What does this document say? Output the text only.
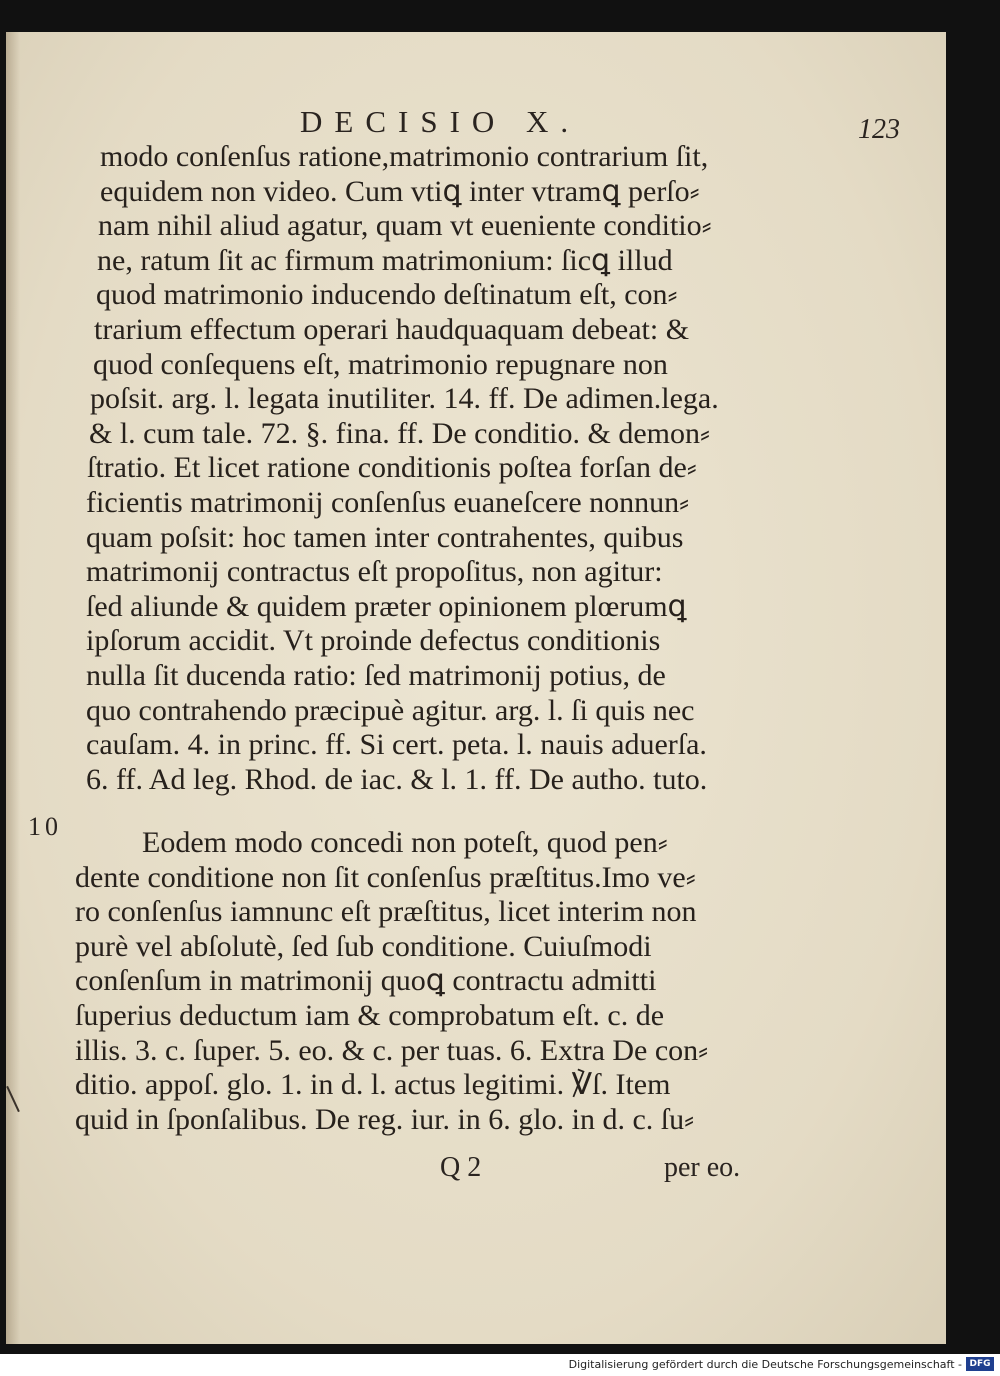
DECISIO X.	123
modo conſenſus ratione,matrimonio contrarium ſit,
equidem non video. Cum vtiꝗ inter vtramꝗ perſo⸗
nam nihil aliud agatur, quam vt eueniente conditio⸗
ne, ratum ſit ac firmum matrimonium: ſicꝗ illud
quod matrimonio inducendo deſtinatum eſt, con⸗
trarium effectum operari haudquaquam debeat: &
quod conſequens eſt, matrimonio repugnare non
poſsit. arg. l. legata inutiliter. 14. ff. De adimen.lega.
& l. cum tale. 72. §. fina. ff. De conditio. & demon⸗
ſtratio. Et licet ratione conditionis poſtea forſan de⸗
ficientis matrimonij conſenſus euaneſcere nonnun⸗
quam poſsit: hoc tamen inter contrahentes, quibus
matrimonij contractus eſt propoſitus, non agitur:
ſed aliunde & quidem præter opinionem plœrumꝗ
ipſorum accidit. Vt proinde defectus conditionis
nulla ſit ducenda ratio: ſed matrimonij potius, de
quo contrahendo præcipuè agitur. arg. l. ſi quis nec
cauſam. 4. in princ. ff. Si cert. peta. l. nauis aduerſa.
6. ff. Ad leg. Rhod. de iac. & l. 1. ff. De autho. tuto.
10	Eodem modo concedi non poteſt, quod pen⸗
dente conditione non ſit conſenſus præſtitus.Imo ve⸗
ro conſenſus iamnunc eſt præſtitus, licet interim non
purè vel abſolutè, ſed ſub conditione. Cuiuſmodi
conſenſum in matrimonij quoꝗ contractu admitti
ſuperius deductum iam & comprobatum eſt. c. de
illis. 3. c. ſuper. 5. eo. & c. per tuas. 6. Extra De con⸗
ditio. appoſ. glo. 1. in d. l. actus legitimi. ℣ſ. Item
quid in ſponſalibus. De reg. iur. in 6. glo. in d. c. ſu⸗
Q 2	per eo.
Digitalisierung gefördert durch die Deutsche Forschungsgemeinschaft - DFG
